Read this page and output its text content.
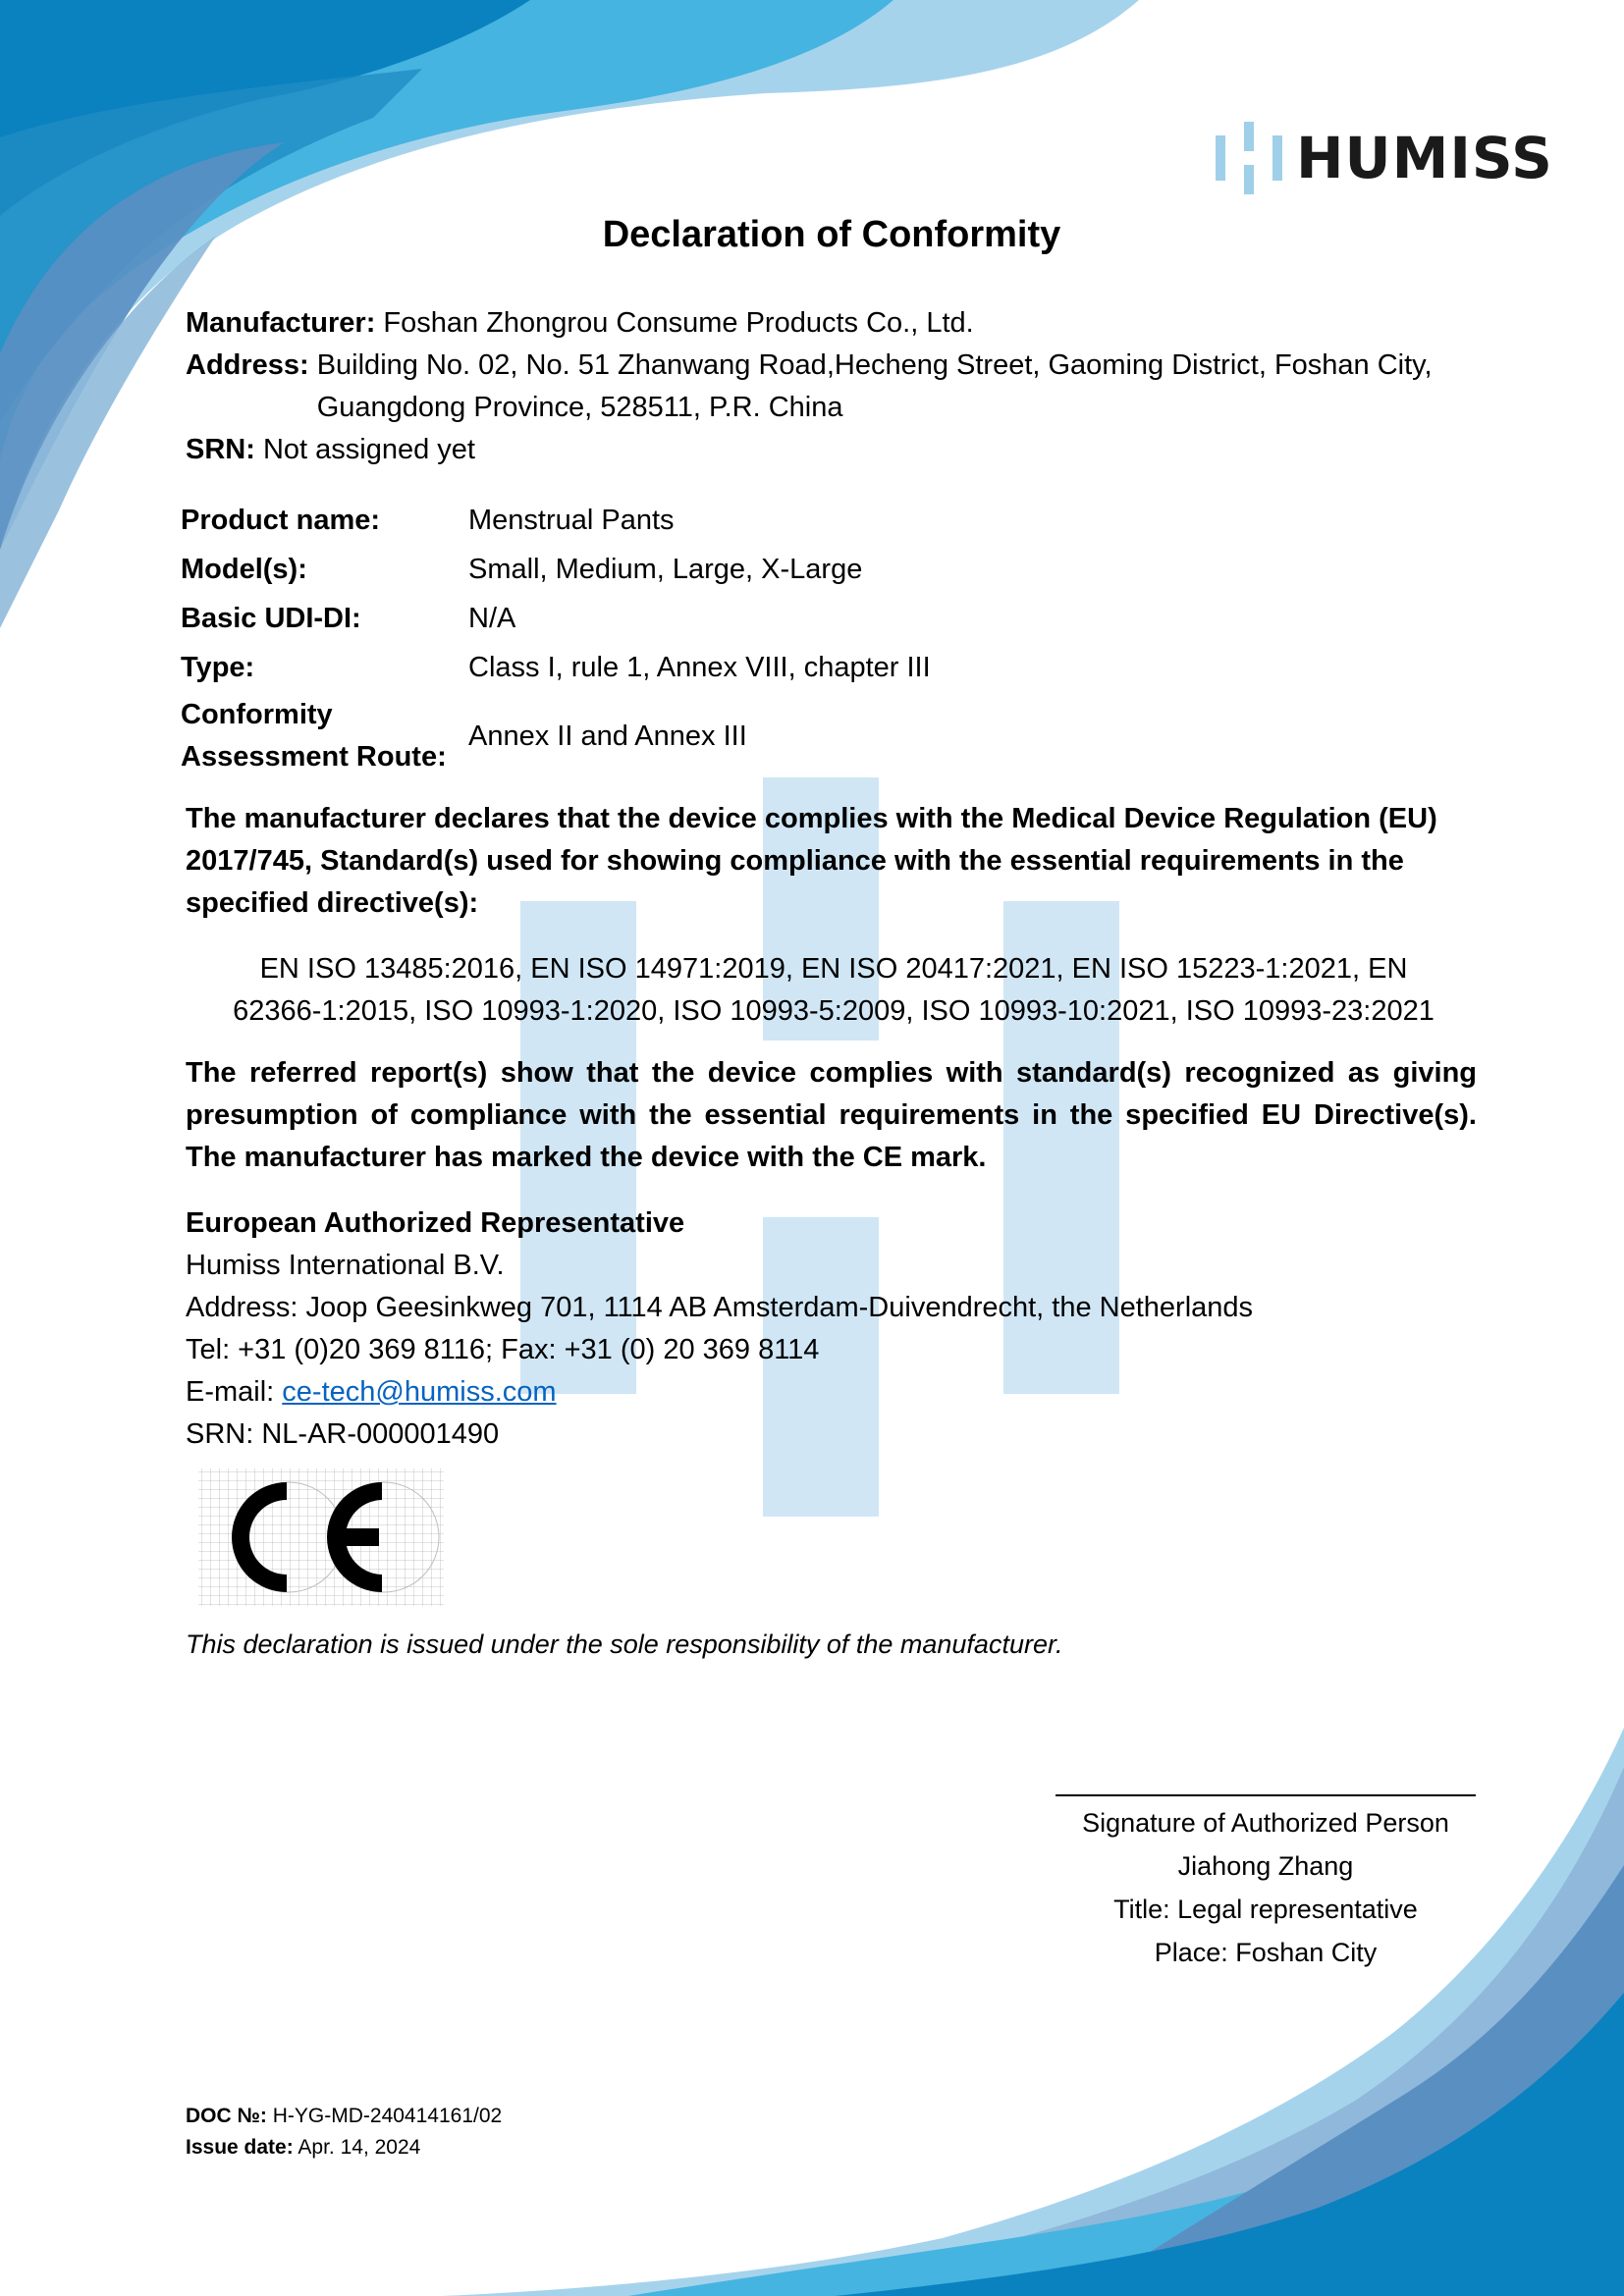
HUMISS
Declaration of Conformity
Manufacturer: Foshan Zhongrou Consume Products Co., Ltd.
Address: Building No. 02, No. 51 Zhanwang Road,Hecheng Street, Gaoming District, Foshan City,
Guangdong Province, 528511, P.R. China
SRN: Not assigned yet
Product name:	Menstrual Pants
Model(s):	Small, Medium, Large, X-Large
Basic UDI-DI:	N/A
Type:	Class I, rule 1, Annex VIII, chapter III
Conformity
Assessment Route:
Annex II and Annex III
The manufacturer declares that the device complies with the Medical Device Regulation (EU) 2017/745, Standard(s) used for showing compliance with the essential requirements in the specified directive(s):
EN ISO 13485:2016, EN ISO 14971:2019, EN ISO 20417:2021, EN ISO 15223-1:2021, EN
62366-1:2015, ISO 10993-1:2020, ISO 10993-5:2009, ISO 10993-10:2021, ISO 10993-23:2021
The referred report(s) show that the device complies with standard(s) recognized as giving presumption of compliance with the essential requirements in the specified EU Directive(s). The manufacturer has marked the device with the CE mark.
European Authorized Representative
Humiss International B.V.
Address: Joop Geesinkweg 701, 1114 AB Amsterdam-Duivendrecht, the Netherlands
Tel: +31 (0)20 369 8116; Fax: +31 (0) 20 369 8114
E-mail: ce-tech@humiss.com
SRN: NL-AR-000001490
This declaration is issued under the sole responsibility of the manufacturer.
Signature of Authorized Person
Jiahong Zhang
Title: Legal representative
Place: Foshan City
DOC №: H-YG-MD-240414161/02
Issue date: Apr. 14, 2024
